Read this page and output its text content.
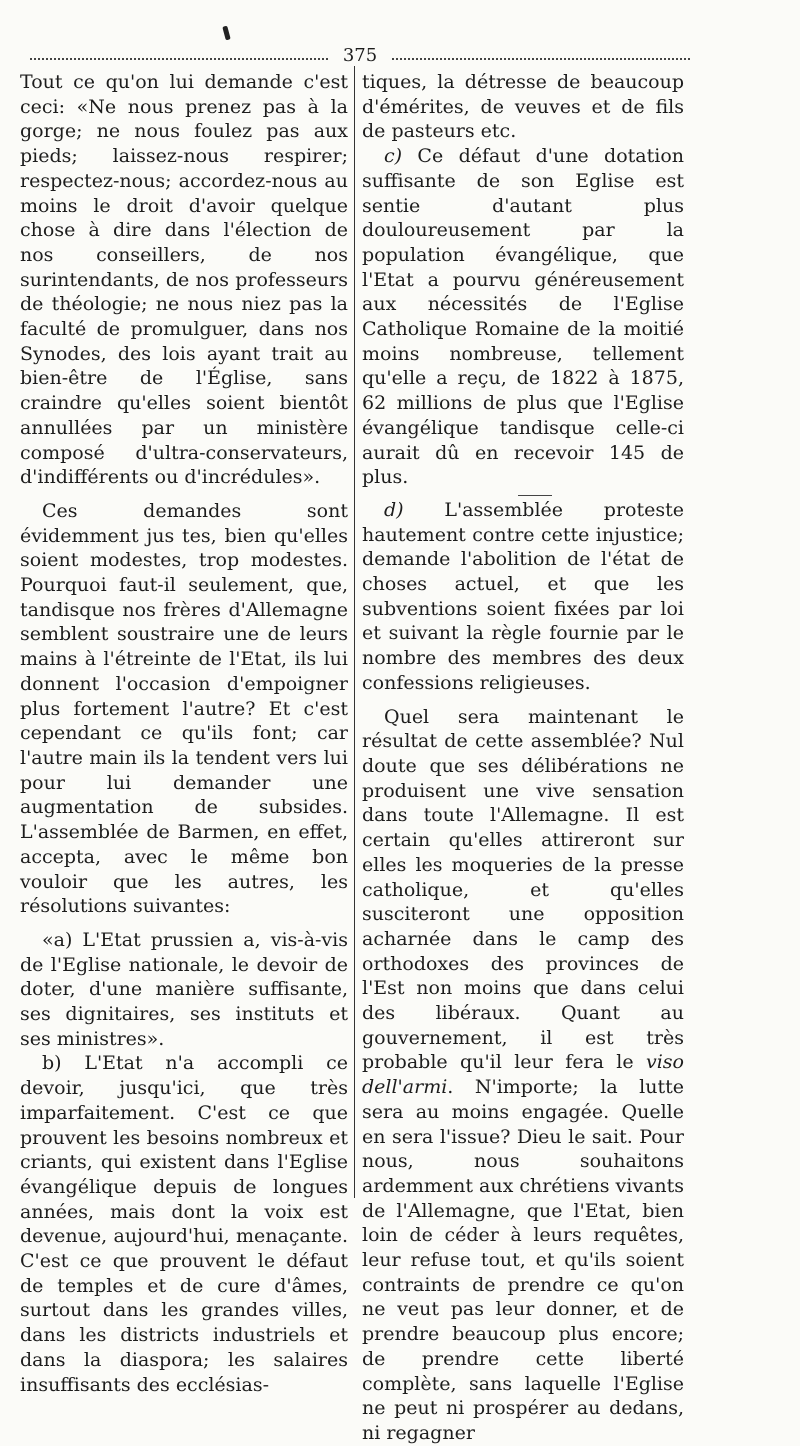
375

Tout ce qu'on lui demande c'est ceci: «Ne nous prenez pas à la gorge; ne nous foulez pas aux pieds; laissez-nous respirer; respectez-nous; accordez-nous au moins le droit d'avoir quelque chose à dire dans l'élection de nos conseillers, de nos surintendants, de nos professeurs de théologie; ne nous niez pas la faculté de promulguer, dans nos Synodes, des lois ayant trait au bien-être de l'Église, sans craindre qu'elles soient bientôt annullées par un ministère composé d'ultra-conservateurs, d'indifférents ou d'incrédules».

Ces demandes sont évidemment jus tes, bien qu'elles soient modestes, trop modestes. Pourquoi faut-il seulement, que, tandisque nos frères d'Allemagne semblent soustraire une de leurs mains à l'étreinte de l'Etat, ils lui donnent l'occasion d'empoigner plus fortement l'autre? Et c'est cependant ce qu'ils font; car l'autre main ils la tendent vers lui pour lui demander une augmentation de subsides. L'assemblée de Barmen, en effet, accepta, avec le même bon vouloir que les autres, les résolutions suivantes:

«a) L'Etat prussien a, vis-à-vis de l'Eglise nationale, le devoir de doter, d'une manière suffisante, ses dignitaires, ses instituts et ses ministres».

b) L'Etat n'a accompli ce devoir, jusqu'ici, que très imparfaitement. C'est ce que prouvent les besoins nombreux et criants, qui existent dans l'Eglise évangélique depuis de longues années, mais dont la voix est devenue, aujourd'hui, menaçante. C'est ce que prouvent le défaut de temples et de cure d'âmes, surtout dans les grandes villes, dans les districts industriels et dans la diaspora; les salaires insuffisants des ecclésias-

tiques, la détresse de beaucoup d'émérites, de veuves et de fils de pasteurs etc.

c) Ce défaut d'une dotation suffisante de son Eglise est sentie d'autant plus douloureusement par la population évangélique, que l'Etat a pourvu généreusement aux nécessités de l'Eglise Catholique Romaine de la moitié moins nombreuse, tellement qu'elle a reçu, de 1822 à 1875, 62 millions de plus que l'Eglise évangélique tandisque celle-ci aurait dû en recevoir 145 de plus.

d) L'assemblée proteste hautement contre cette injustice; demande l'abolition de l'état de choses actuel, et que les subventions soient fixées par loi et suivant la règle fournie par le nombre des membres des deux confessions religieuses.

Quel sera maintenant le résultat de cette assemblée? Nul doute que ses délibérations ne produisent une vive sensation dans toute l'Allemagne. Il est certain qu'elles attireront sur elles les moqueries de la presse catholique, et qu'elles susciteront une opposition acharnée dans le camp des orthodoxes des provinces de l'Est non moins que dans celui des libéraux. Quant au gouvernement, il est très probable qu'il leur fera le viso dell'armi. N'importe; la lutte sera au moins engagée. Quelle en sera l'issue? Dieu le sait. Pour nous, nous souhaitons ardemment aux chrétiens vivants de l'Allemagne, que l'Etat, bien loin de céder à leurs requêtes, leur refuse tout, et qu'ils soient contraints de prendre ce qu'on ne veut pas leur donner, et de prendre beaucoup plus encore; de prendre cette liberté complète, sans laquelle l'Eglise ne peut ni prospérer au dedans, ni regagner
